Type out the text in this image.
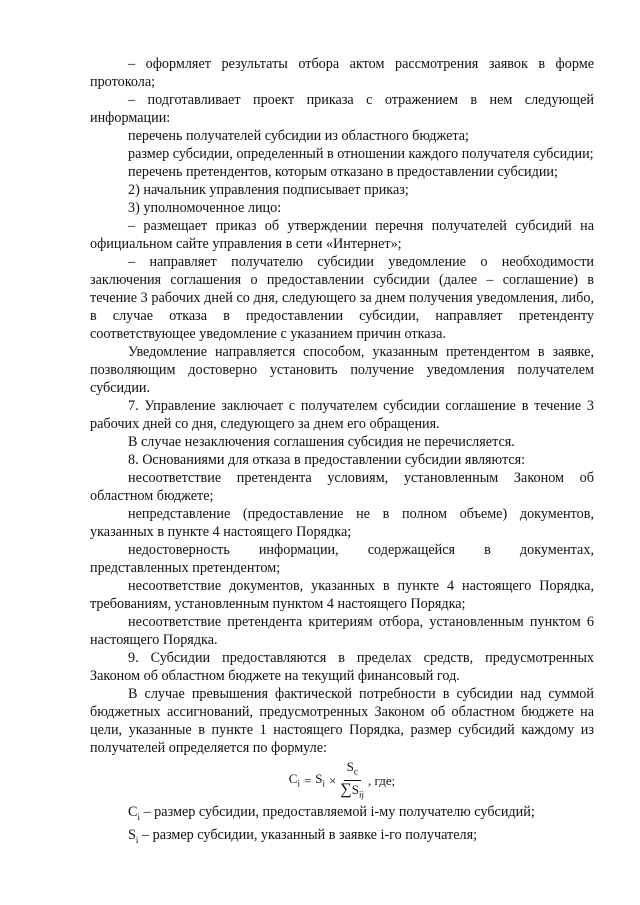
– оформляет результаты отбора актом рассмотрения заявок в форме протокола;

– подготавливает проект приказа с отражением в нем следующей информации:

перечень получателей субсидии из областного бюджета;

размер субсидии, определенный в отношении каждого получателя субсидии;

перечень претендентов, которым отказано в предоставлении субсидии;

2) начальник управления подписывает приказ;

3) уполномоченное лицо:

– размещает приказ об утверждении перечня получателей субсидий на официальном сайте управления в сети «Интернет»;

– направляет получателю субсидии уведомление о необходимости заключения соглашения о предоставлении субсидии (далее – соглашение) в течение 3 рабочих дней со дня, следующего за днем получения уведомления, либо, в случае отказа в предоставлении субсидии, направляет претенденту соответствующее уведомление с указанием причин отказа.

Уведомление направляется способом, указанным претендентом в заявке, позволяющим достоверно установить получение уведомления получателем субсидии.

7. Управление заключает с получателем субсидии соглашение в течение 3 рабочих дней со дня, следующего за днем его обращения.

В случае незаключения соглашения субсидия не перечисляется.

8. Основаниями для отказа в предоставлении субсидии являются:

несоответствие претендента условиям, установленным Законом об областном бюджете;

непредставление (предоставление не в полном объеме) документов, указанных в пункте 4 настоящего Порядка;

недостоверность информации, содержащейся в документах, представленных претендентом;

несоответствие документов, указанных в пункте 4 настоящего Порядка, требованиям, установленным пунктом 4 настоящего Порядка;

несоответствие претендента критериям отбора, установленным пунктом 6 настоящего Порядка.

9. Субсидии предоставляются в пределах средств, предусмотренных Законом об областном бюджете на текущий финансовый год.

В случае превышения фактической потребности в субсидии над суммой бюджетных ассигнований, предусмотренных Законом об областном бюджете на цели, указанные в пункте 1 настоящего Порядка, размер субсидий каждому из получателей определяется по формуле:

$C_i = S_i \times \frac{S_c}{\sum S_{ij}}$ , где;

$C_i$ – размер субсидии, предоставляемой i-му получателю субсидий;

$S_i$ – размер субсидии, указанный в заявке i-го получателя;
